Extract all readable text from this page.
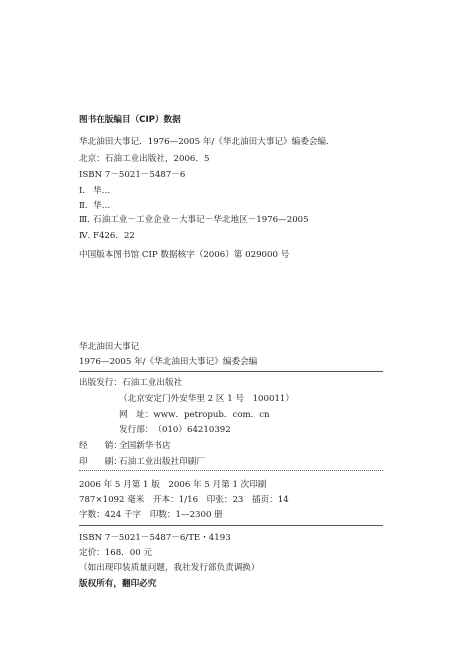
图书在版编目（CIP）数据
华北油田大事记．1976—2005 年/《华北油田大事记》编委会编．
北京：石油工业出版社，2006．5
ISBN 7－5021－5487－6
Ⅰ． 华…
Ⅱ．华…
Ⅲ．石油工业－工业企业－大事记－华北地区－1976—2005
Ⅳ．F426．22
中国版本图书馆 CIP 数据核字（2006）第 029000 号
华北油田大事记
1976—2005 年/《华北油田大事记》编委会编
出版发行：石油工业出版社
（北京安定门外安华里 2 区 1 号　100011）
网　址：www．petropub．com．cn
发行部：（010）64210392
经　　销：全国新华书店
印　　刷：石油工业出版社印刷厂
2006 年 5 月第 1 版　2006 年 5 月第 1 次印刷
787×1092 毫米　开本：1/16　印张：23　插页：14
字数：424 千字　印数：1—2300 册
ISBN 7－5021－5487－6/TE・4193
定价：168．00 元
（如出现印装质量问题，我社发行部负责调换）
版权所有，翻印必究
